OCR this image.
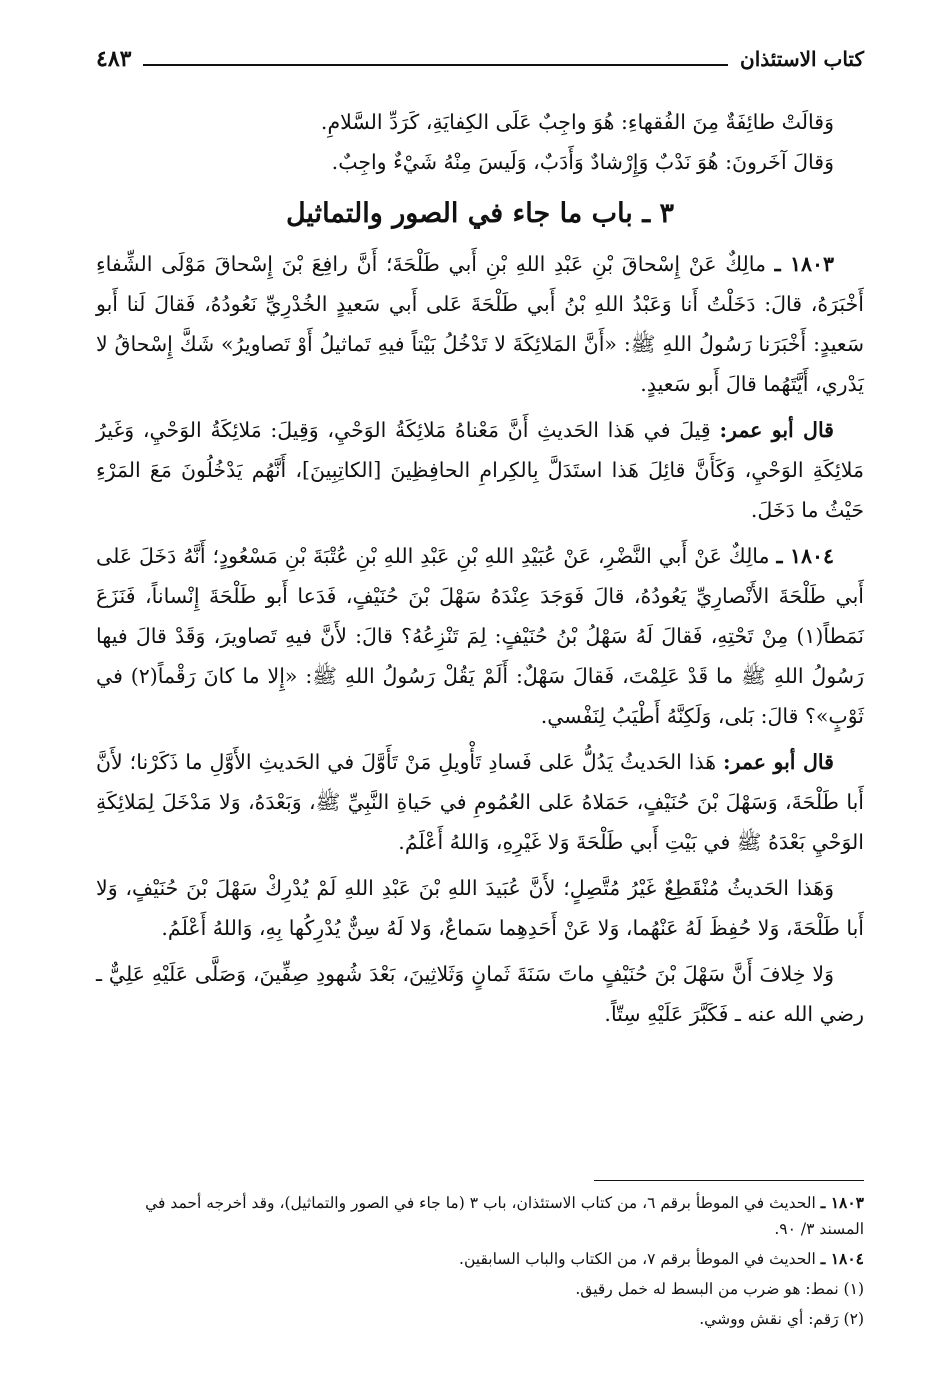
كتاب الاستئذان
٤٨٣

وَقالَتْ طائِفَةٌ مِنَ الفُقهاءِ: هُوَ واجِبٌ عَلَى الكِفايَةِ، كَرَدِّ السَّلامِ.

وَقالَ آخَرونَ: هُوَ نَدْبٌ وَإِرْشادٌ وَأَدَبٌ، وَلَيسَ مِنْهُ شَيْءٌ واجِبٌ.

٣ ـ باب ما جاء في الصور والتماثيل

١٨٠٣ ـ مالِكٌ عَنْ إِسْحاقَ بْنِ عَبْدِ اللهِ بْنِ أَبي طَلْحَةَ؛ أَنَّ رافِعَ بْنَ إِسْحاقَ مَوْلَى الشِّفاءِ أَخْبَرَهُ، قالَ: دَخَلْتُ أَنا وَعَبْدُ اللهِ بْنُ أَبي طَلْحَةَ عَلى أَبي سَعيدٍ الخُدْرِيِّ نَعُودُهُ، فَقالَ لَنا أَبو سَعيدٍ: أَخْبَرَنا رَسُولُ اللهِ ﷺ: «أَنَّ المَلائِكَةَ لا تَدْخُلُ بَيْتاً فيهِ تَماثيلُ أَوْ تَصاويرُ» شَكَّ إِسْحاقُ لا يَدْري، أَيَّتَهُما قالَ أَبو سَعيدٍ.

قال أبو عمر: قِيلَ في هَذا الحَديثِ أَنَّ مَعْناهُ مَلائِكَةُ الوَحْيِ، وَقِيلَ: مَلائِكَةُ الوَحْيِ، وَغَيرُ مَلائِكَةِ الوَحْيِ، وَكَأَنَّ قائِلَ هَذا استَدَلَّ بِالكِرامِ الحافِظِينَ [الكاتِبِينَ]، أَنَّهُم يَدْخُلُونَ مَعَ المَرْءِ حَيْثُ ما دَخَلَ.

١٨٠٤ ـ مالِكٌ عَنْ أَبي النَّضْرِ، عَنْ عُبَيْدِ اللهِ بْنِ عَبْدِ اللهِ بْنِ عُتْبَةَ بْنِ مَسْعُودٍ؛ أَنَّهُ دَخَلَ عَلى أَبي طَلْحَةَ الأَنْصارِيِّ يَعُودُهُ، قالَ فَوَجَدَ عِنْدَهُ سَهْلَ بْنَ حُنَيْفٍ، فَدَعا أَبو طَلْحَةَ إِنْساناً، فَنَزَعَ نَمَطاً(١) مِنْ تَحْتِهِ، فَقالَ لَهُ سَهْلُ بْنُ حُنَيْفٍ: لِمَ تَنْزِعُهُ؟ قالَ: لأَنَّ فيهِ تَصاويرَ، وَقَدْ قالَ فيها رَسُولُ اللهِ ﷺ ما قَدْ عَلِمْتَ، فَقالَ سَهْلٌ: أَلَمْ يَقُلْ رَسُولُ اللهِ ﷺ: «إِلا ما كانَ رَقْماً(٢) في ثَوْبٍ»؟ قالَ: بَلى، وَلَكِنَّهُ أَطْيَبُ لِنَفْسي.

قال أبو عمر: هَذا الحَديثُ يَدُلُّ عَلى فَسادِ تَأْويلِ مَنْ تَأَوَّلَ في الحَديثِ الأَوَّلِ ما ذَكَرْنا؛ لأَنَّ أَبا طَلْحَةَ، وَسَهْلَ بْنَ حُنَيْفٍ، حَمَلاهُ عَلى العُمُومِ في حَياةِ النَّبِيِّ ﷺ، وَبَعْدَهُ، وَلا مَدْخَلَ لِمَلائِكَةِ الوَحْيِ بَعْدَهُ ﷺ في بَيْتِ أَبي طَلْحَةَ وَلا غَيْرِهِ، وَاللهُ أَعْلَمُ.

وَهَذا الحَديثُ مُنْقَطِعٌ غَيْرُ مُتَّصِلٍ؛ لأَنَّ عُبَيدَ اللهِ بْنَ عَبْدِ اللهِ لَمْ يُدْرِكْ سَهْلَ بْنَ حُنَيْفٍ، وَلا أَبا طَلْحَةَ، وَلا حُفِظَ لَهُ عَنْهُما، وَلا عَنْ أَحَدِهِما سَماعٌ، وَلا لَهُ سِنٌّ يُدْرِكُها بِهِ، وَاللهُ أَعْلَمُ.

وَلا خِلافَ أَنَّ سَهْلَ بْنَ حُنَيْفٍ ماتَ سَنَةَ ثَمانٍ وَثَلاثِينَ، بَعْدَ شُهودِ صِفِّينَ، وَصَلَّى عَلَيْهِ عَلِيٌّ ـ رضي الله عنه ـ فَكَبَّرَ عَلَيْهِ سِتّاً.

١٨٠٣ ـ الحديث في الموطأ برقم ٦، من كتاب الاستئذان، باب ٣ (ما جاء في الصور والتماثيل)، وقد أخرجه أحمد في المسند ٣/ ٩٠.

١٨٠٤ ـ الحديث في الموطأ برقم ٧، من الكتاب والباب السابقين.

(١) نمط: هو ضرب من البسط له خمل رقيق.

(٢) رَقم: أي نقش ووشي.
